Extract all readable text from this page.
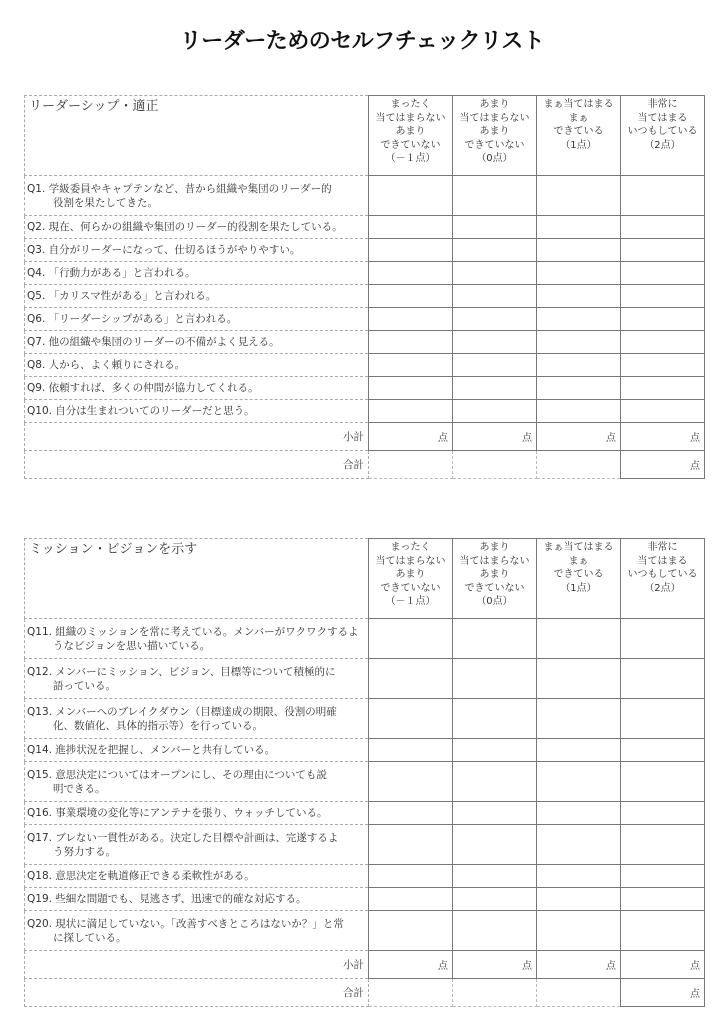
リーダーためのセルフチェックリスト
リーダーシップ・適正	まったく
当てはまらない
あまり
できていない
（－１点）	あまり
当てはまらない
あまり
できていない
（0点）	まぁ当てはまる
まぁ
できている
（1点）	非常に
当てはまる
いつもしている
（2点）

Q1. 学級委員やキャプテンなど、昔から組織や集団のリーダー的
役割を果たしてきた。				

Q2. 現在、何らかの組織や集団のリーダー的役割を果たしている。				

Q3. 自分がリーダーになって、仕切るほうがやりやすい。				

Q4. 「行動力がある」と言われる。				

Q5. 「カリスマ性がある」と言われる。				

Q6. 「リーダーシップがある」と言われる。				

Q7. 他の組織や集団のリーダーの不備がよく見える。				

Q8. 人から、よく頼りにされる。				

Q9. 依頼すれば、多くの仲間が協力してくれる。				

Q10. 自分は生まれついてのリーダーだと思う。				

小計	点	点	点	点
合計				点
ミッション・ビジョンを示す	まったく
当てはまらない
あまり
できていない
（－１点）	あまり
当てはまらない
あまり
できていない
（0点）	まぁ当てはまる
まぁ
できている
（1点）	非常に
当てはまる
いつもしている
（2点）

Q11. 組織のミッションを常に考えている。メンバーがワクワクするよ
うなビジョンを思い描いている。				

Q12. メンバーにミッション、ビジョン、目標等について積極的に
語っている。				

Q13. メンバーへのブレイクダウン（目標達成の期限、役割の明確
化、数値化、具体的指示等）を行っている。				

Q14. 進捗状況を把握し、メンバーと共有している。				

Q15. 意思決定についてはオープンにし、その理由についても説
明できる。				

Q16. 事業環境の変化等にアンテナを張り、ウォッチしている。				

Q17. ブレない一貫性がある。決定した目標や計画は、完遂するよ
う努力する。				

Q18. 意思決定を軌道修正できる柔軟性がある。				

Q19. 些細な問題でも、見逃さず、迅速で的確な対応する。				

Q20. 現状に満足していない。「改善すべきところはないか？」と常
に探している。				

小計	点	点	点	点
合計				点
